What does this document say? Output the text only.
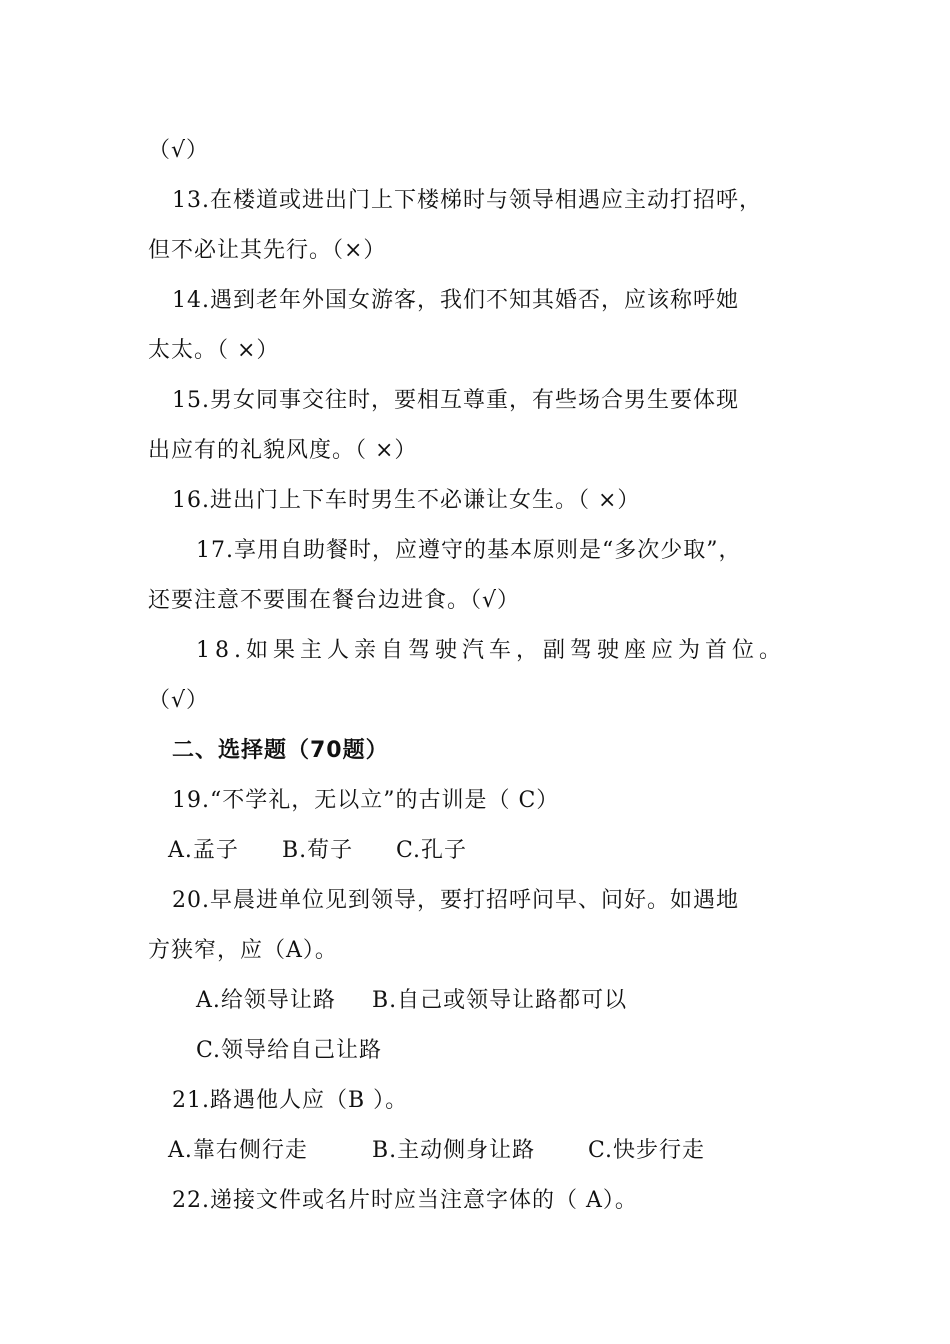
（√）
13.在楼道或进出门上下楼梯时与领导相遇应主动打招呼，
但不必让其先行。（×）
14.遇到老年外国女游客，我们不知其婚否，应该称呼她
太太。（ ×）
15.男女同事交往时，要相互尊重，有些场合男生要体现
出应有的礼貌风度。（ ×）
16.进出门上下车时男生不必谦让女生。（ ×）
17.享用自助餐时，应遵守的基本原则是“多次少取”，
还要注意不要围在餐台边进食。（√）
18.如果主人亲自驾驶汽车，副驾驶座应为首位。
（√）
二、选择题（70题）
19.“不学礼，无以立”的古训是（ C）
A.孟子 B.荀子 C.孔子
20.早晨进单位见到领导，要打招呼问早、问好。如遇地
方狭窄，应（A）。
A.给领导让路 B.自己或领导让路都可以
C.领导给自己让路
21.路遇他人应（B ）。
A.靠右侧行走	B.主动侧身让路 C.快步行走
22.递接文件或名片时应当注意字体的（ A）。
